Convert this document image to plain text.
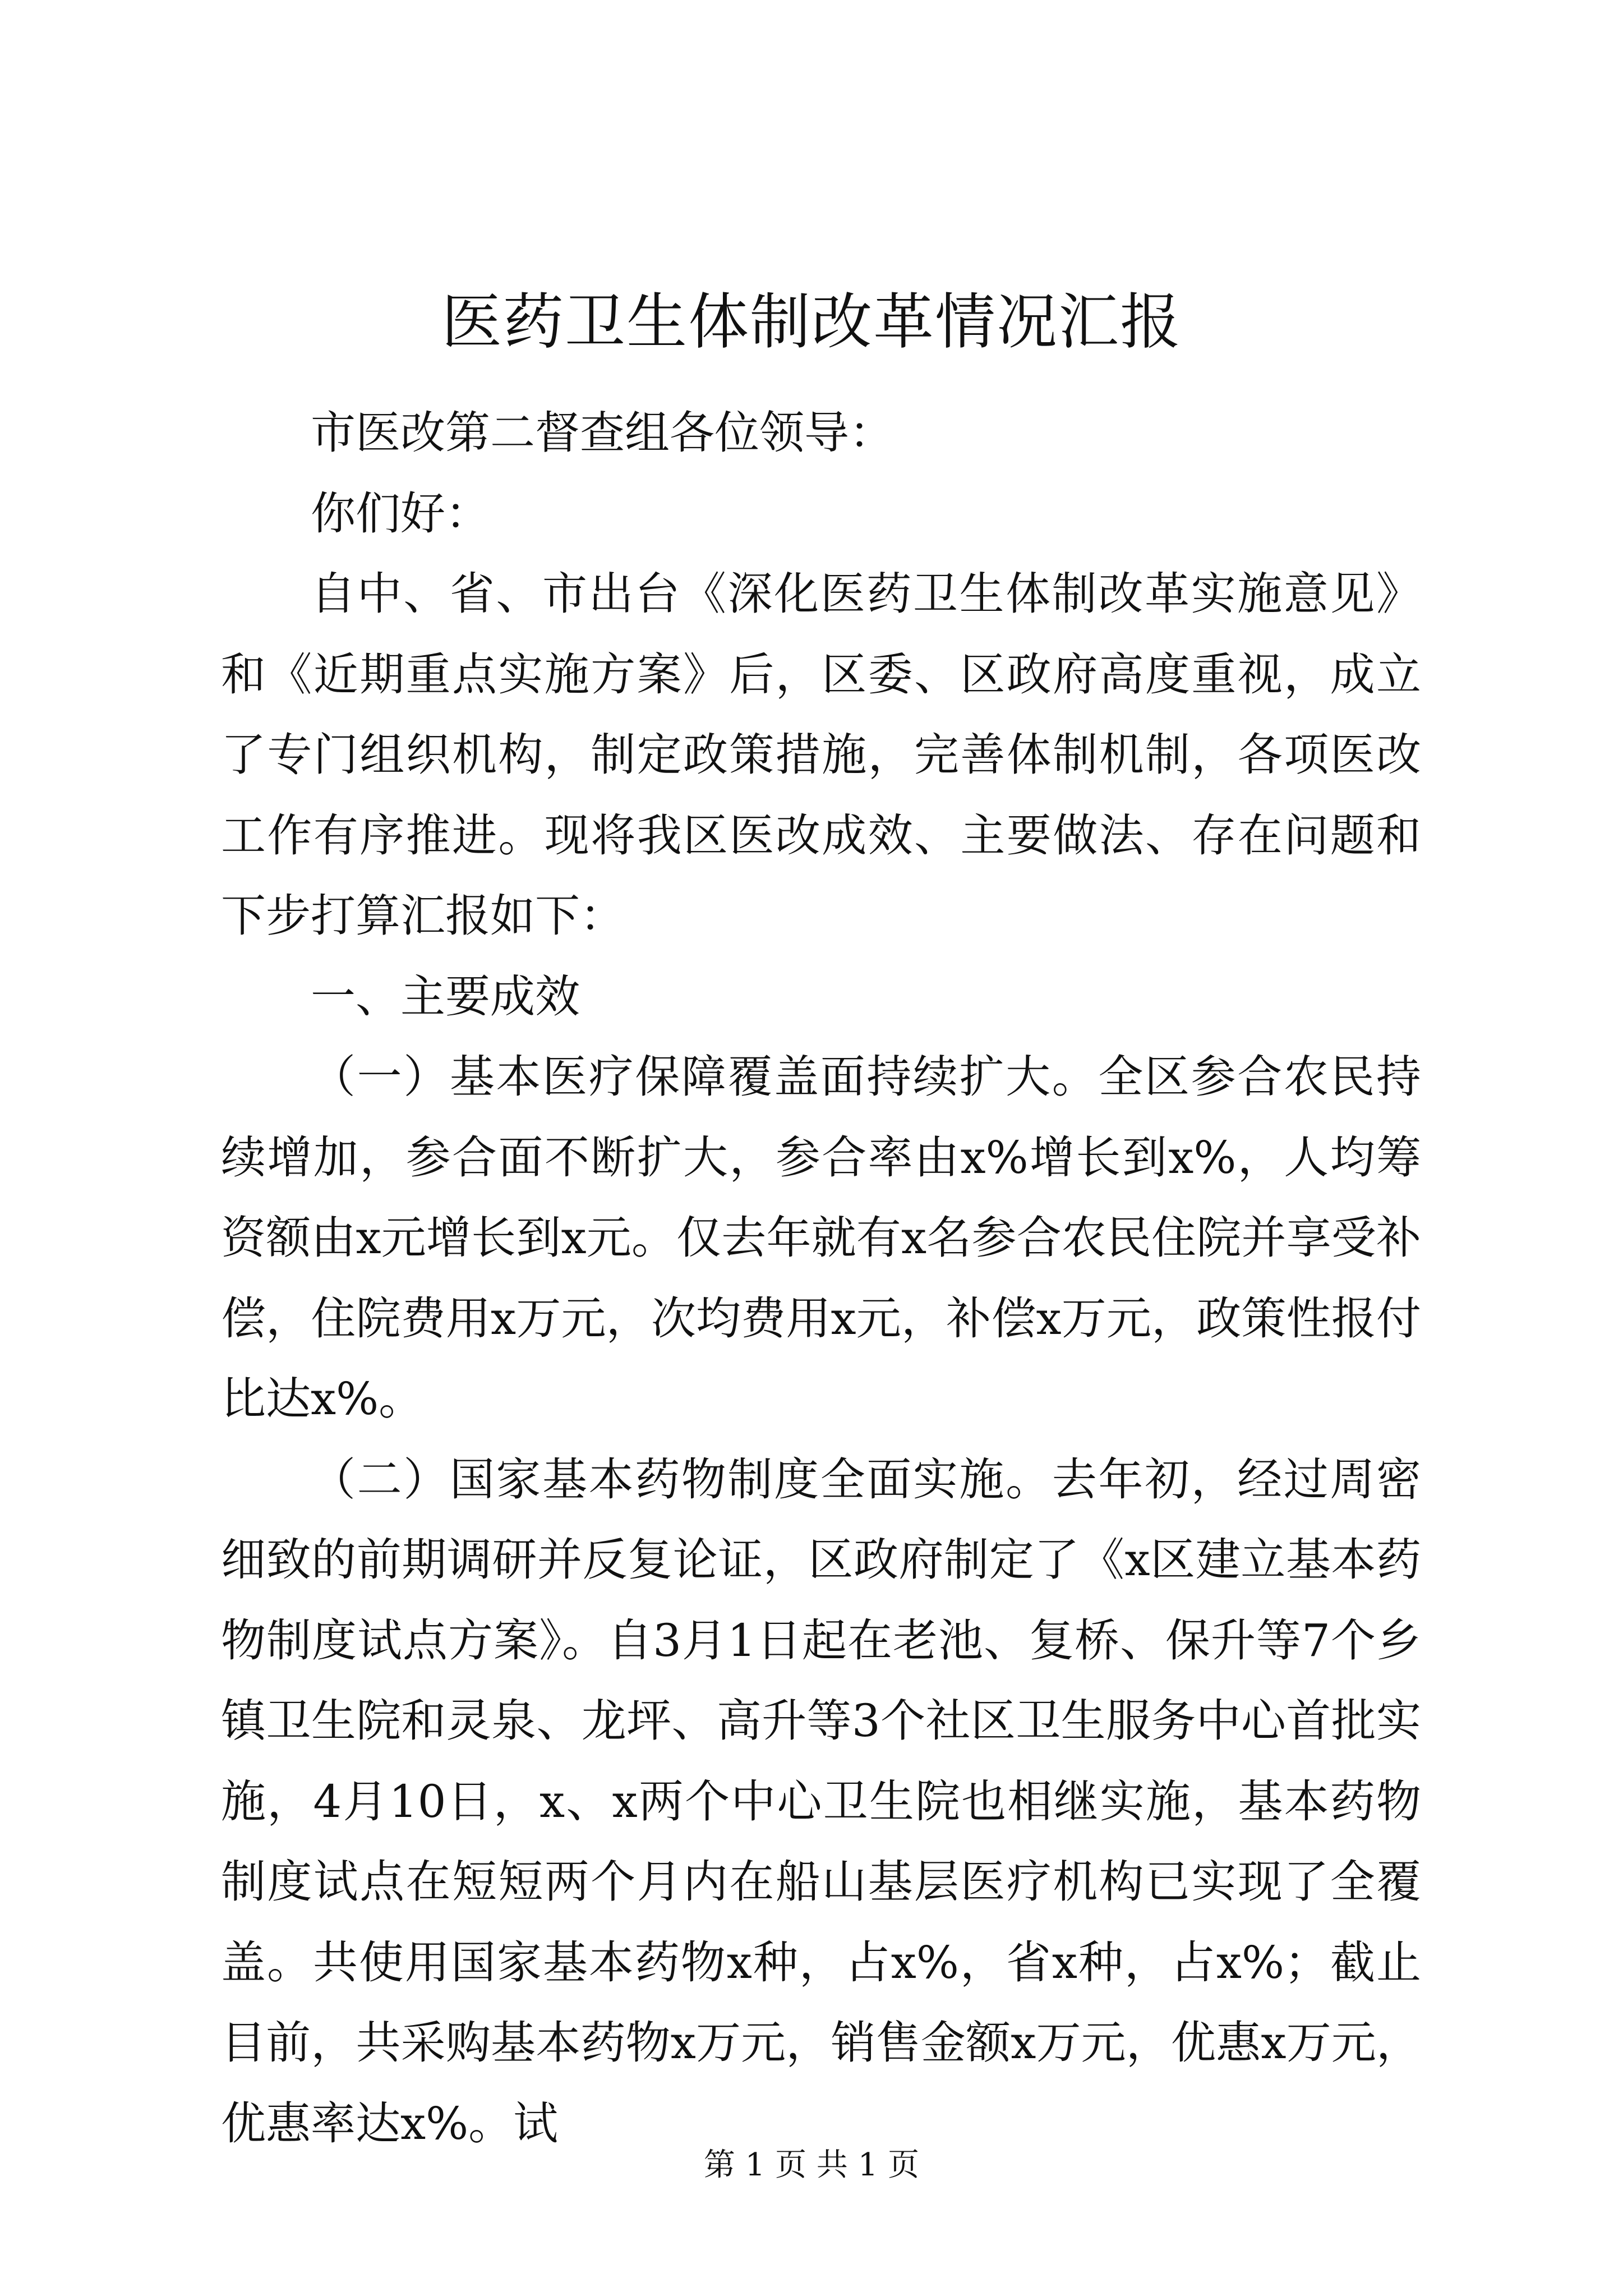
医药卫生体制改革情况汇报

市医改第二督查组各位领导：

你们好：

自中、省、市出台《深化医药卫生体制改革实施意见》和《近期重点实施方案》后，区委、区政府高度重视，成立了专门组织机构，制定政策措施，完善体制机制，各项医改工作有序推进。现将我区医改成效、主要做法、存在问题和下步打算汇报如下：

一、主要成效

（一）基本医疗保障覆盖面持续扩大。全区参合农民持续增加，参合面不断扩大，参合率由x%增长到x%，人均筹资额由x元增长到x元。仅去年就有x名参合农民住院并享受补偿，住院费用x万元，次均费用x元，补偿x万元，政策性报付比达x%。

（二）国家基本药物制度全面实施。去年初，经过周密细致的前期调研并反复论证，区政府制定了《x区建立基本药物制度试点方案》。自3月1日起在老池、复桥、保升等7个乡镇卫生院和灵泉、龙坪、高升等3个社区卫生服务中心首批实施，4月10日，x、x两个中心卫生院也相继实施，基本药物制度试点在短短两个月内在船山基层医疗机构已实现了全覆盖。共使用国家基本药物x种，占x%，省x种，占x%；截止目前，共采购基本药物x万元，销售金额x万元，优惠x万元，优惠率达x%。试

第 1 页 共 1 页
